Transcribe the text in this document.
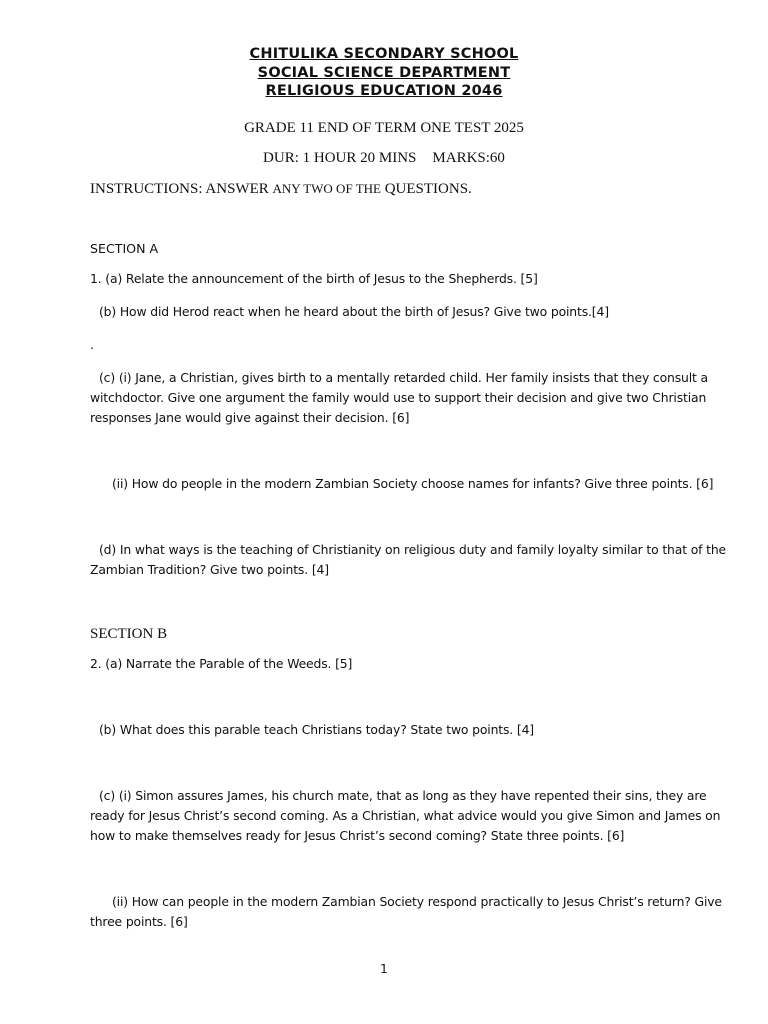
CHITULIKA SECONDARY SCHOOL
SOCIAL SCIENCE DEPARTMENT
RELIGIOUS EDUCATION 2046
GRADE 11 END OF TERM ONE TEST 2025
DUR: 1 HOUR 20 MINS MARKS:60
INSTRUCTIONS: ANSWER ANY TWO OF THE QUESTIONS.
SECTION A
1. (a) Relate the announcement of the birth of Jesus to the Shepherds. [5]
(b) How did Herod react when he heard about the birth of Jesus? Give two points.[4]
.
(c) (i) Jane, a Christian, gives birth to a mentally retarded child. Her family insists that they consult a
witchdoctor. Give one argument the family would use to support their decision and give two Christian
responses Jane would give against their decision. [6]
(ii) How do people in the modern Zambian Society choose names for infants? Give three points. [6]
(d) In what ways is the teaching of Christianity on religious duty and family loyalty similar to that of the
Zambian Tradition? Give two points. [4]
SECTION B
2. (a) Narrate the Parable of the Weeds. [5]
(b) What does this parable teach Christians today? State two points. [4]
(c) (i) Simon assures James, his church mate, that as long as they have repented their sins, they are
ready for Jesus Christ’s second coming. As a Christian, what advice would you give Simon and James on
how to make themselves ready for Jesus Christ’s second coming? State three points. [6]
(ii) How can people in the modern Zambian Society respond practically to Jesus Christ’s return? Give
three points. [6]
1
